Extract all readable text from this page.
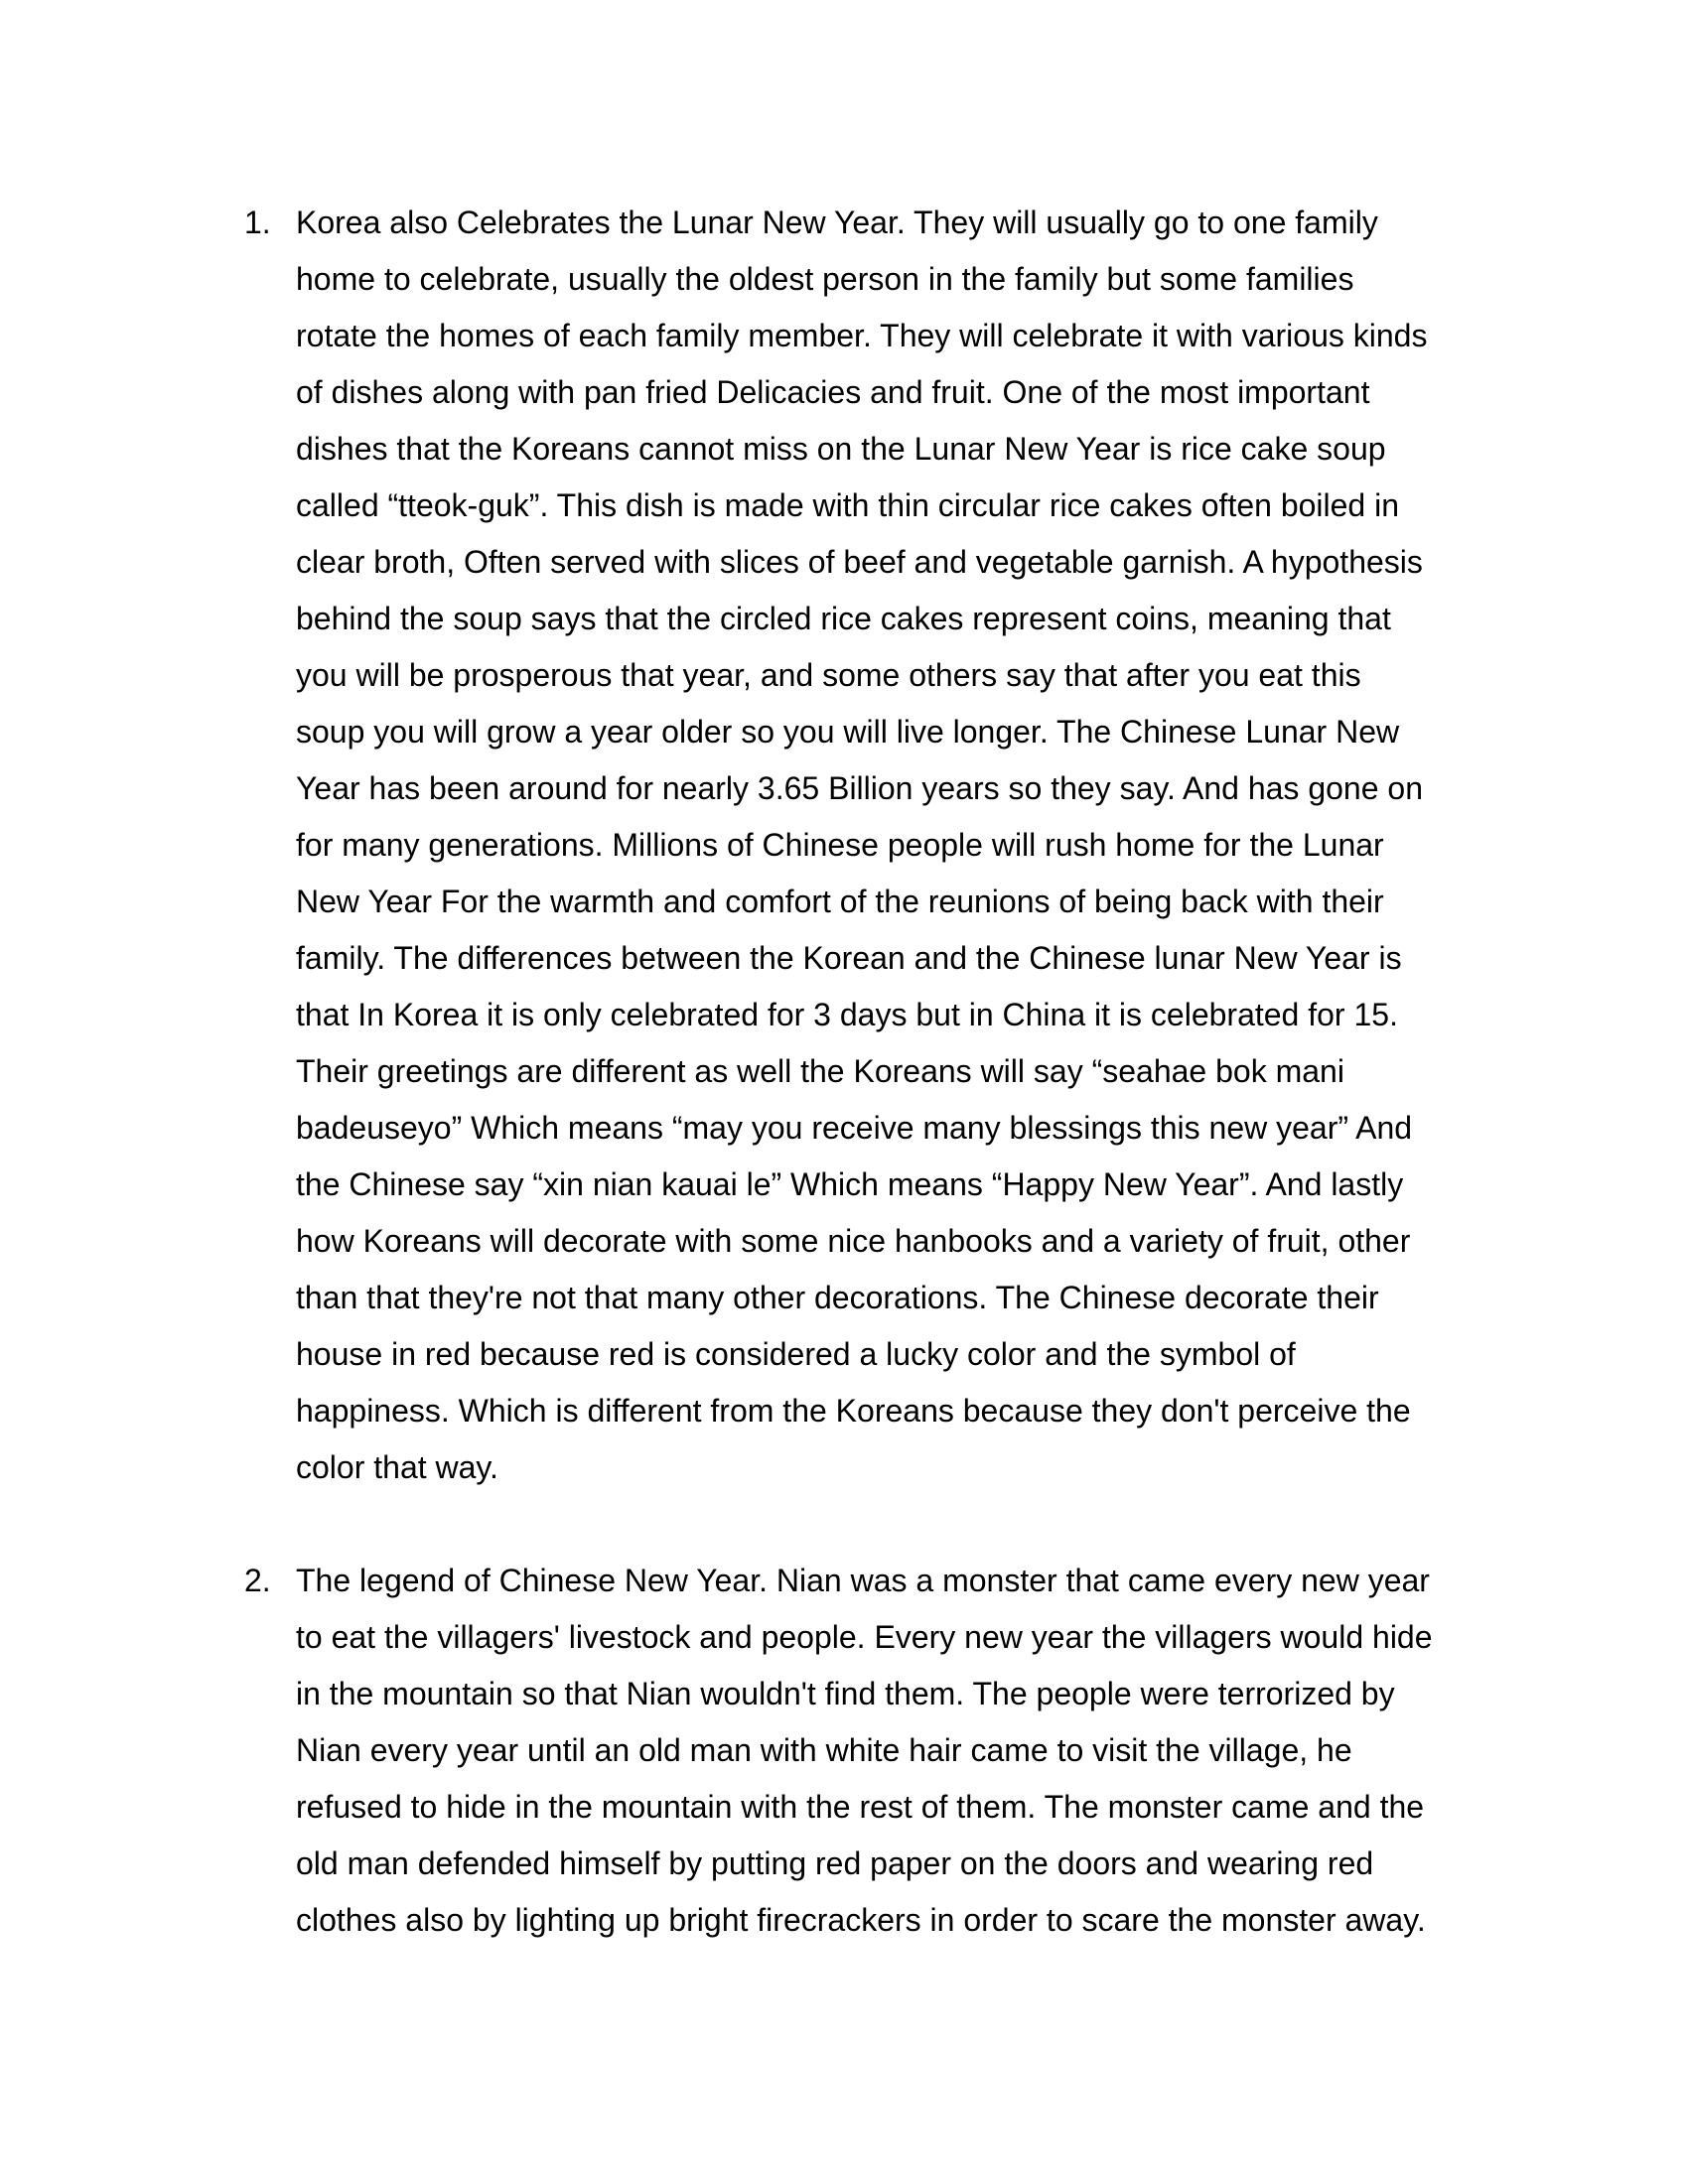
1. Korea also Celebrates the Lunar New Year. They will usually go to one family
home to celebrate, usually the oldest person in the family but some families
rotate the homes of each family member. They will celebrate it with various kinds
of dishes along with pan fried Delicacies and fruit. One of the most important
dishes that the Koreans cannot miss on the Lunar New Year is rice cake soup
called “tteok-guk”. This dish is made with thin circular rice cakes often boiled in
clear broth, Often served with slices of beef and vegetable garnish. A hypothesis
behind the soup says that the circled rice cakes represent coins, meaning that
you will be prosperous that year, and some others say that after you eat this
soup you will grow a year older so you will live longer. The Chinese Lunar New
Year has been around for nearly 3.65 Billion years so they say. And has gone on
for many generations. Millions of Chinese people will rush home for the Lunar
New Year For the warmth and comfort of the reunions of being back with their
family. The differences between the Korean and the Chinese lunar New Year is
that In Korea it is only celebrated for 3 days but in China it is celebrated for 15.
Their greetings are different as well the Koreans will say “seahae bok mani
badeuseyo” Which means “may you receive many blessings this new year” And
the Chinese say “xin nian kauai le” Which means “Happy New Year”. And lastly
how Koreans will decorate with some nice hanbooks and a variety of fruit, other
than that they're not that many other decorations. The Chinese decorate their
house in red because red is considered a lucky color and the symbol of
happiness. Which is different from the Koreans because they don't perceive the
color that way.
2. The legend of Chinese New Year. Nian was a monster that came every new year
to eat the villagers' livestock and people. Every new year the villagers would hide
in the mountain so that Nian wouldn't find them. The people were terrorized by
Nian every year until an old man with white hair came to visit the village, he
refused to hide in the mountain with the rest of them. The monster came and the
old man defended himself by putting red paper on the doors and wearing red
clothes also by lighting up bright firecrackers in order to scare the monster away.
